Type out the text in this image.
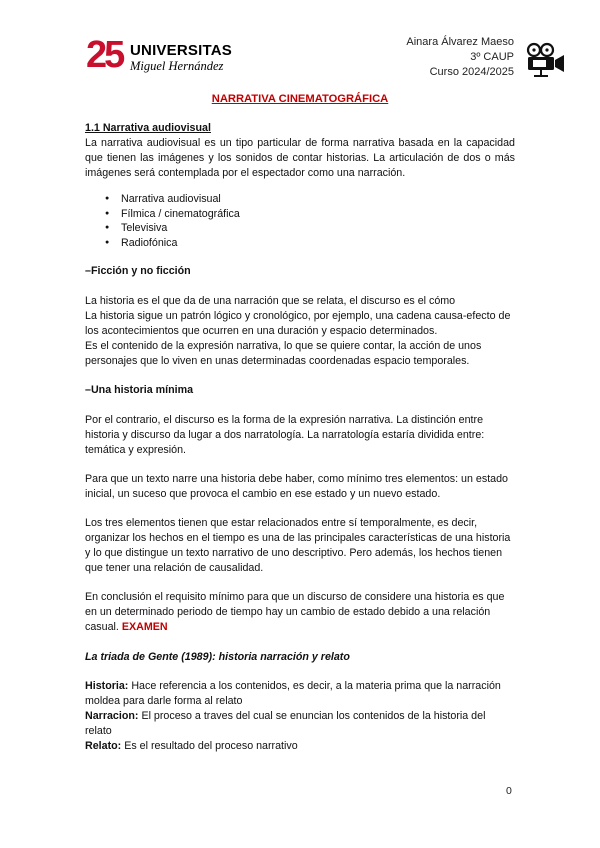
25 UNIVERSITAS
Miguel Hernández
Ainara Álvarez Maeso
3º CAUP
Curso 2024/2025
NARRATIVA CINEMATOGRÁFICA
1.1 Narrativa audiovisual

La narrativa audiovisual es un tipo particular de forma narrativa basada en la capacidad que tienen las imágenes y los sonidos de contar historias. La articulación de dos o más imágenes será contemplada por el espectador como una narración.

● Narrativa audiovisual
● Fílmica / cinematográfica
● Televisiva
● Radiofónica
–Ficción y no ficción

La historia es el que da de una narración que se relata, el discurso es el cómo

La historia sigue un patrón lógico y cronológico, por ejemplo, una cadena causa-efecto de los acontecimientos que ocurren en una duración y espacio determinados.

Es el contenido de la expresión narrativa, lo que se quiere contar, la acción de unos personajes que lo viven en unas determinadas coordenadas espacio temporales.

–Una historia mínima

Por el contrario, el discurso es la forma de la expresión narrativa. La distinción entre historia y discurso da lugar a dos narratología. La narratología estaría dividida entre: temática y expresión.

Para que un texto narre una historia debe haber, como mínimo tres elementos: un estado inicial, un suceso que provoca el cambio en ese estado y un nuevo estado.

Los tres elementos tienen que estar relacionados entre sí temporalmente, es decir, organizar los hechos en el tiempo es una de las principales características de una historia y lo que distingue un texto narrativo de uno descriptivo. Pero además, los hechos tienen que tener una relación de causalidad.

En conclusión el requisito mínimo para que un discurso de considere una historia es que en un determinado periodo de tiempo hay un cambio de estado debido a una relación casual. EXAMEN

La triada de Gente (1989): historia narración y relato

Historia: Hace referencia a los contenidos, es decir, a la materia prima que la narración moldea para darle forma al relato

Narracion: El proceso a traves del cual se enuncian los contenidos de la historia del relato

Relato: Es el resultado del proceso narrativo

0
